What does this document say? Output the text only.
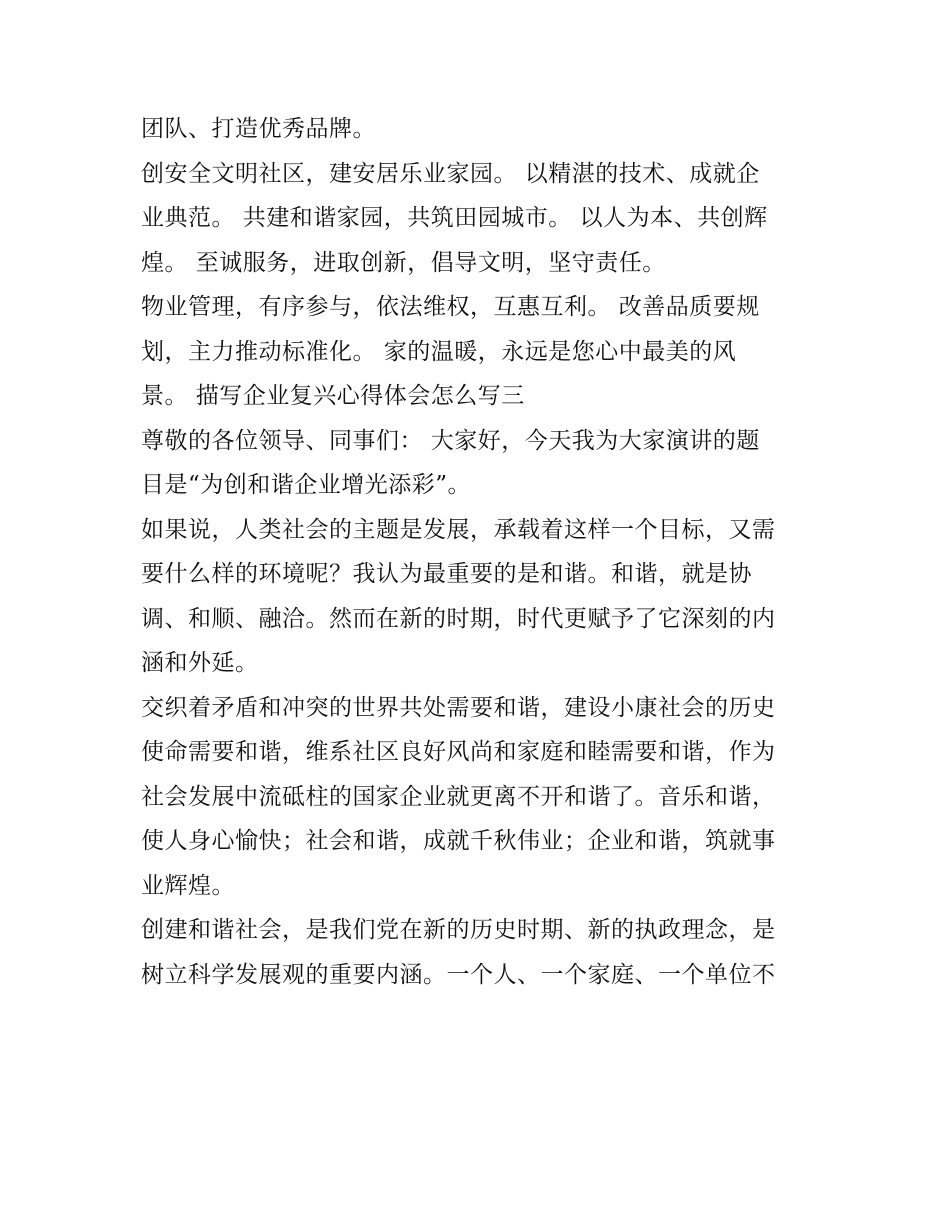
团队、打造优秀品牌。

创安全文明社区，建安居乐业家园。 以精湛的技术、成就企
业典范。 共建和谐家园，共筑田园城市。 以人为本、共创辉
煌。 至诚服务，进取创新，倡导文明，坚守责任。

物业管理，有序参与，依法维权，互惠互利。 改善品质要规
划，主力推动标准化。 家的温暖，永远是您心中最美的风
景。 描写企业复兴心得体会怎么写三

尊敬的各位领导、同事们： 大家好，今天我为大家演讲的题
目是“为创和谐企业增光添彩”。

如果说，人类社会的主题是发展，承载着这样一个目标，又需
要什么样的环境呢？我认为最重要的是和谐。和谐，就是协
调、和顺、融洽。然而在新的时期，时代更赋予了它深刻的内
涵和外延。

交织着矛盾和冲突的世界共处需要和谐，建设小康社会的历史
使命需要和谐，维系社区良好风尚和家庭和睦需要和谐，作为
社会发展中流砥柱的国家企业就更离不开和谐了。音乐和谐，
使人身心愉快；社会和谐，成就千秋伟业；企业和谐，筑就事
业辉煌。

创建和谐社会，是我们党在新的历史时期、新的执政理念，是
树立科学发展观的重要内涵。一个人、一个家庭、一个单位不
